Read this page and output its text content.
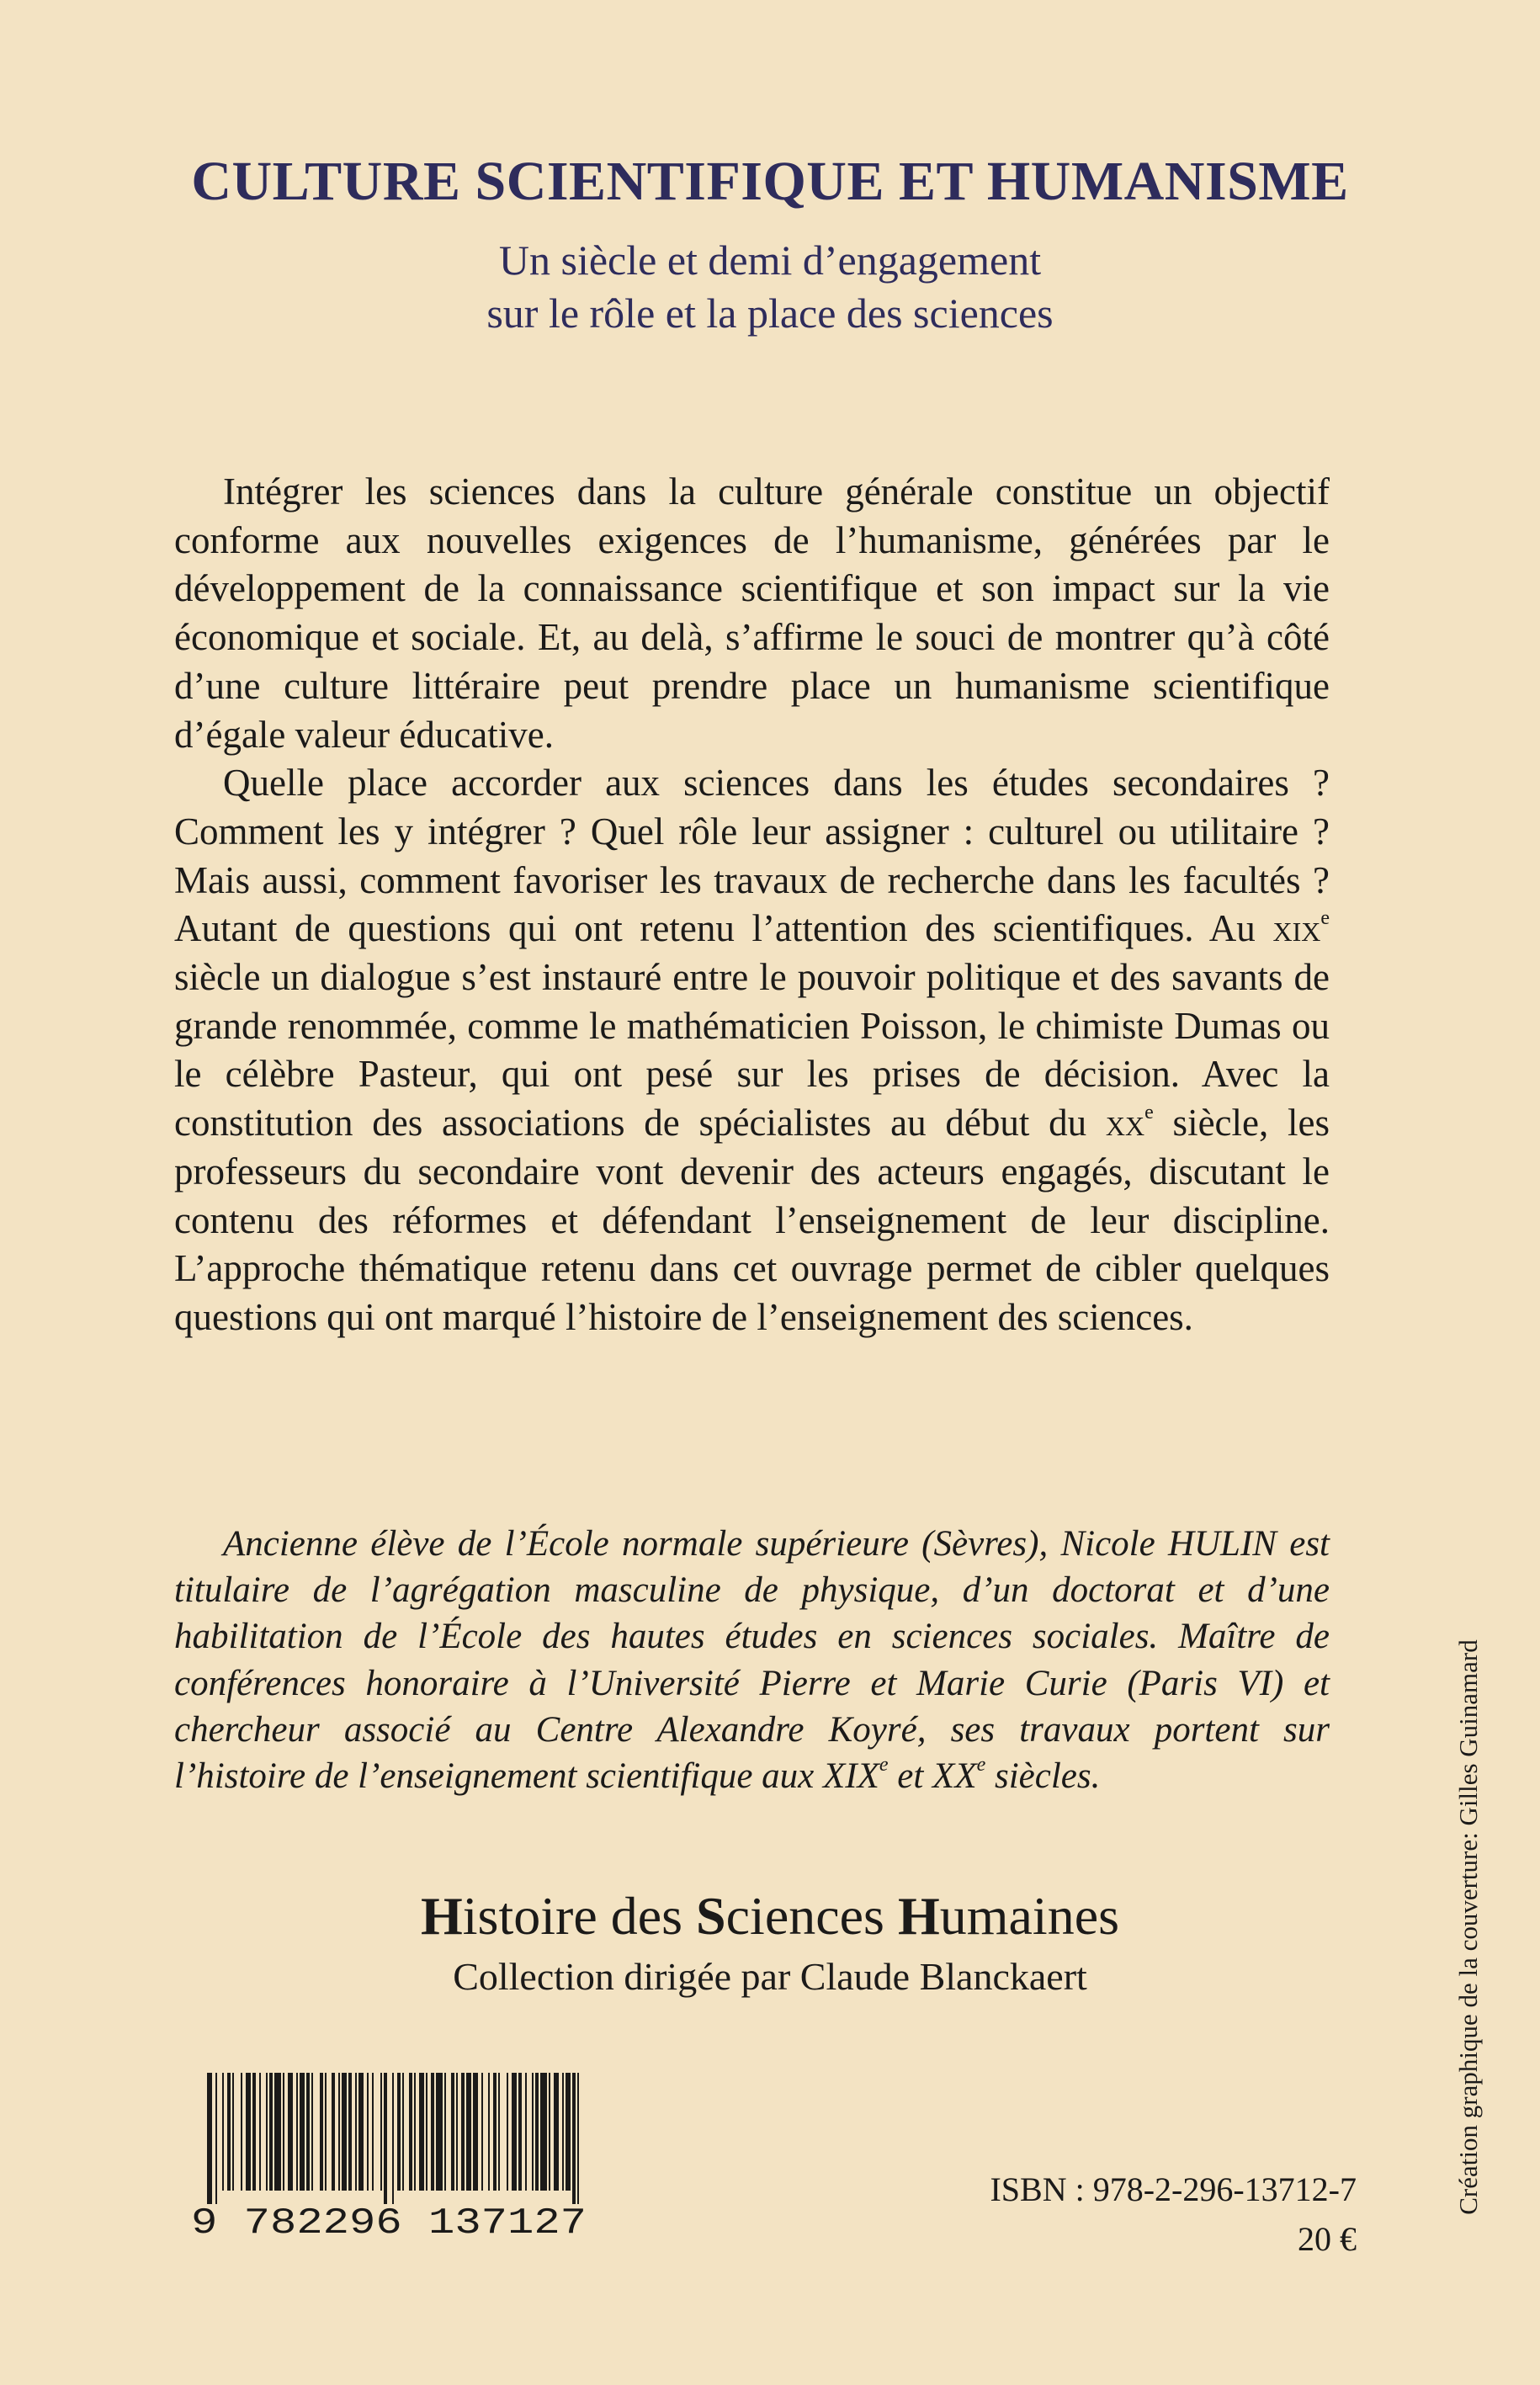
CULTURE SCIENTIFIQUE ET HUMANISME
Un siècle et demi d’engagement
sur le rôle et la place des sciences

Intégrer les sciences dans la culture générale constitue un objectif conforme aux nouvelles exigences de l’humanisme, générées par le développement de la connaissance scientifique et son impact sur la vie économique et sociale. Et, au delà, s’affirme le souci de montrer qu’à côté d’une culture littéraire peut prendre place un humanisme scientifique d’égale valeur éducative.

Quelle place accorder aux sciences dans les études secondaires ? Comment les y intégrer ? Quel rôle leur assigner : culturel ou utilitaire ? Mais aussi, comment favoriser les travaux de recherche dans les facultés ? Autant de questions qui ont retenu l’attention des scientifiques. Au xix$^e$ siècle un dialogue s’est instauré entre le pouvoir politique et des savants de grande renommée, comme le mathématicien Poisson, le chimiste Dumas ou le célèbre Pasteur, qui ont pesé sur les prises de décision. Avec la constitution des associations de spécialistes au début du $xx^e$ siècle, les professeurs du secondaire vont devenir des acteurs engagés, discutant le contenu des réformes et défendant l’enseignement de leur discipline. L’approche thématique retenu dans cet ouvrage permet de cibler quelques questions qui ont marqué l’histoire de l’enseignement des sciences.

Ancienne élève de l’École normale supérieure (Sèvres), Nicole HULIN est titulaire de l’agrégation masculine de physique, d’un doctorat et d’une habilitation de l’École des hautes études en sciences sociales. Maître de conférences honoraire à l’Université Pierre et Marie Curie (Paris VI) et chercheur associé au Centre Alexandre Koyré, ses travaux portent sur l’histoire de l’enseignement scientifique aux XIXe et XXe siècles.

Histoire des Sciences Humaines
Collection dirigée par Claude Blanckaert
9 782296 137127
ISBN : 978-2-296-13712-7
20 €
Création graphique de la couverture: Gilles Guinamard
